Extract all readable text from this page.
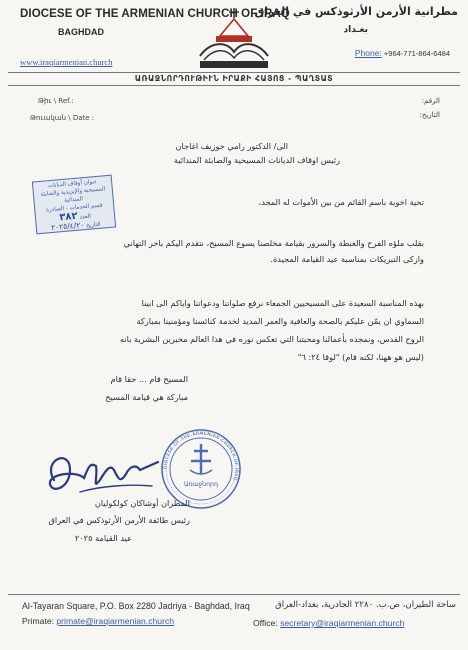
DIOCESE OF THE ARMENIAN CHURCH OF IRAQ
BAGHDAD
www.iraqiarmenian.church
مطرانية الأرمن الأرثوذكس في العراق
بغـداد
Phone: +964-771-864-6484
ԱՌԱՋՆՈՐԴՈՒԹԻՒՆ ԻՐԱՔԻ ՀԱՅՈՑ - ՊԱՂՏԱՏ
Թիւ \ Ref.:
Թուական \ Date :
الرقم:
التاريخ:
ديوان أوقاف الديانات
المسيحية والإيزيدية والصابئة المندائية
قسم الخدمات - الصادرة
العدد ٣٨٢
التاريخ ٢٠٢٥/٤/٢٠
الى/ الدكتور رامي جوزيف اغاجان
رئيس اوقاف الديانات المسيحية والصابئة المندائية
تحية اخوية باسم القائم من بين الأموات له المجد،
بقلب ملؤه الفرح والغبطة والسرور بقيامة مخلصنا يسوع المسيح، نتقدم اليكم باحر التهاني
وازكى التبريكات بمناسبة عيد القيامة المجيدة.
بهذه المناسبة السعيدة على المسيحيين الجمعاء نرفع صلواتنا ودعواتنا واياكم الى ابينا
السماوي ان يمّن عليكم بالصحة والعافية والعمر المديد لخدمة كنائسنا ومؤمنينا بمباركة
الروح القدس، ونمجده بأعمالنا ومحبتنا التي تعكس نوره في هذا العالم مخبرين البشرية بانه
(ليس هو ههنا، لكنه قام) "لوقا ٢٤: ٦"
المسيح قام ... حقا قام
مباركة هي قيامة المسيح
Առաջնորդ
DIOCESE OF THE ARMENIAN CHURCH OF IRAQ
المطران أوشاكان كولكوليان
رئيس طائفة الأرمن الأرثوذكس في العراق
عيد القيامة ٢٠٢٥
Al-Tayaran Square, P.O. Box 2280 Jadriya - Baghdad, Iraq	ساحة الطيران، ص.ب. ٢٢٨٠ الجادرية، بغداد-العراق
Primate: primate@iraqiarmenian.church	Office: secretary@iraqiarmenian.church
